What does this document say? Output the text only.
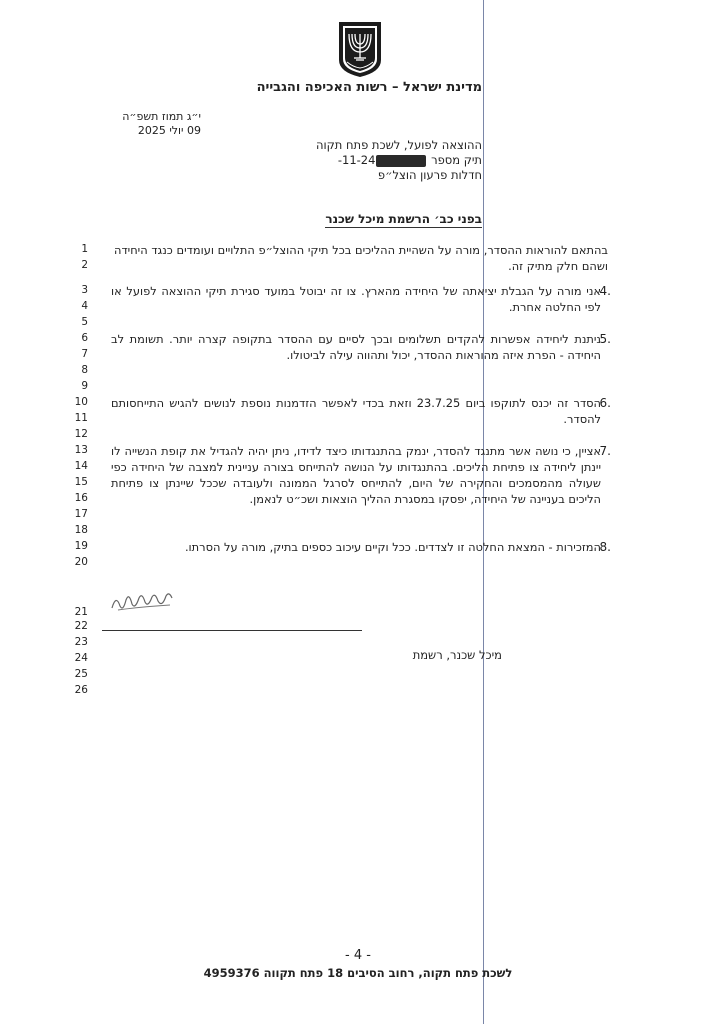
מדינת ישראל – רשות האכיפה והגבייה
י״ג תמוז תשפ״ה
09 יולי 2025
ההוצאה לפועל, לשכת פתח תקוה
תיק מספר 11-24-
חדלות פרעון הוצל״פ
בפני כב׳ הרשמת מיכל שכנר
1
2
3
4
5
6
7
8
9
10
11
12
13
14
15
16
17
18
19
20
21
22
23
24
25
26
בהתאם להוראות ההסדר, מורה על השהיית ההליכים בכל תיקי ההוצל״פ התלויים ועומדים כנגד היחידה ושהם חלק מתיק זה.
4.
אני מורה על הגבלת יציאתה של היחידה מהארץ. צו זה יבוטל במועד סגירת תיקי ההוצאה לפועל או לפי החלטה אחרת.
5.
ניתנת ליחידה אפשרות להקדים תשלומים ובכך לסיים עם ההסדר בתקופה קצרה יותר. תשומת לב היחידה - הפרת איזה מהוראות ההסדר, יכול ותהווה עילה לביטולו.
6.
הסדר זה יכנס לתוקפו ביום 23.7.25 וזאת בכדי לאפשר הזדמנות נוספת לנושים להגיש התייחסותם להסדר.
7.
אציין, כי נושה אשר מתנגד להסדר, ינמק בהתנגדותו כיצד לדידו, ניתן יהיה להגדיל את קופת הנשייה לו יינתן ליחידה צו פתיחת הליכים. בהתנגדותו על הנושה להתייחס בצורה עניינית למצבה של היחידה כפי שעולה מהמסמכים והחקירה של היום, להתייחס לסרגל הממונה ולעובדה שככל שיינתן צו פתיחת הליכים בעניינה של היחידה, יפסקו במסגרת ההליך הוצאות ושכ״ט לנאמן.
8.
המזכירות - המצאת החלטה זו לצדדים. ככל וקיים עיכוב כספים בתיק, מורה על הסרתו.
מיכל שכנר, רשמת
- 4 -
לשכת פתח תקוה, רחוב הסיבים 18 פתח תקווה 4959376
